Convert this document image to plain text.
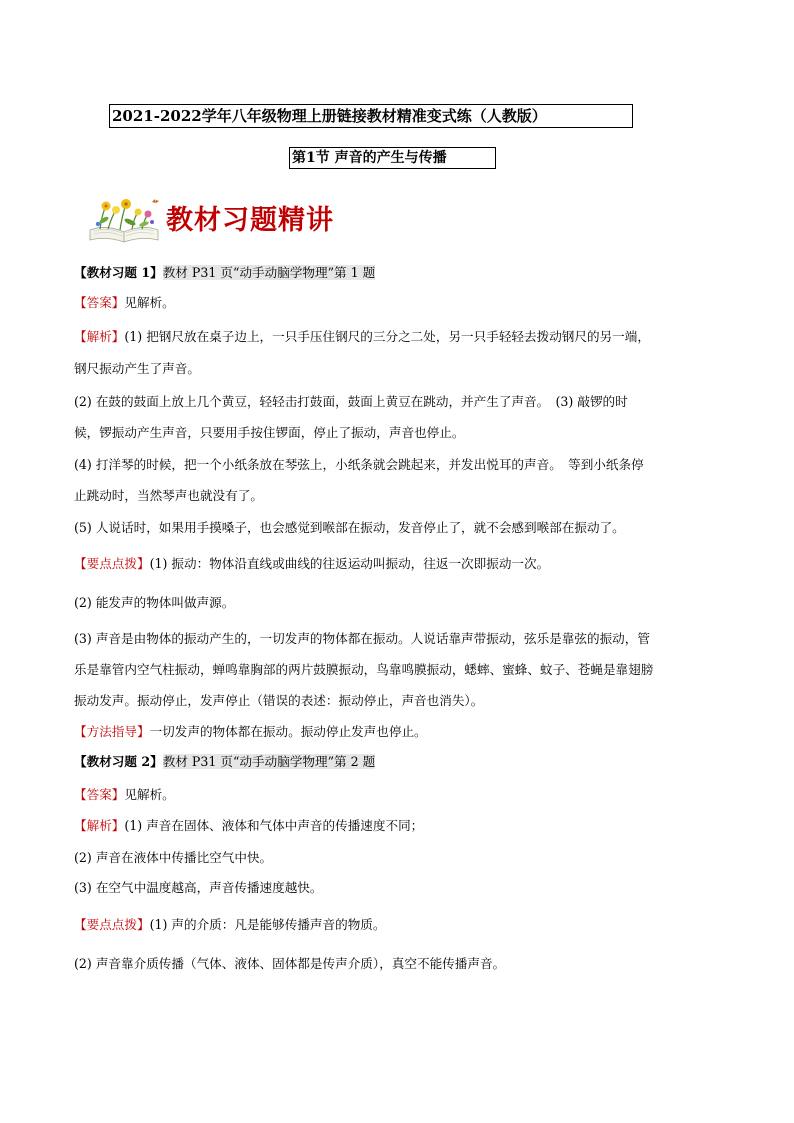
2021-2022学年八年级物理上册链接教材精准变式练（人教版）
第1节 声音的产生与传播
教材习题精讲
【教材习题 1】教材 P31 页“动手动脑学物理”第 1 题
【答案】见解析。
【解析】(1) 把钢尺放在桌子边上，一只手压住钢尺的三分之二处，另一只手轻轻去拨动钢尺的另一端，
钢尺振动产生了声音。
(2) 在鼓的鼓面上放上几个黄豆，轻轻击打鼓面，鼓面上黄豆在跳动，并产生了声音。　(3) 敲锣的时
候，锣振动产生声音，只要用手按住锣面，停止了振动，声音也停止。
(4) 打洋琴的时候，把一个小纸条放在琴弦上，小纸条就会跳起来，并发出悦耳的声音。　等到小纸条停
止跳动时，当然琴声也就没有了。
(5) 人说话时，如果用手摸嗓子，也会感觉到喉部在振动，发音停止了，就不会感到喉部在振动了。
【要点点拨】(1) 振动：物体沿直线或曲线的往返运动叫振动，往返一次即振动一次。
(2) 能发声的物体叫做声源。
(3) 声音是由物体的振动产生的，一切发声的物体都在振动。人说话靠声带振动，弦乐是靠弦的振动，管
乐是靠管内空气柱振动，蝉鸣靠胸部的两片鼓膜振动，鸟靠鸣膜振动，蟋蟀、蜜蜂、蚊子、苍蝇是靠翅膀
振动发声。振动停止，发声停止（错误的表述：振动停止，声音也消失）。
【方法指导】一切发声的物体都在振动。振动停止发声也停止。
【教材习题 2】教材 P31 页“动手动脑学物理”第 2 题
【答案】见解析。
【解析】(1) 声音在固体、液体和气体中声音的传播速度不同；
(2) 声音在液体中传播比空气中快。
(3) 在空气中温度越高，声音传播速度越快。
【要点点拨】(1) 声的介质：凡是能够传播声音的物质。
(2) 声音靠介质传播（气体、液体、固体都是传声介质），真空不能传播声音。
